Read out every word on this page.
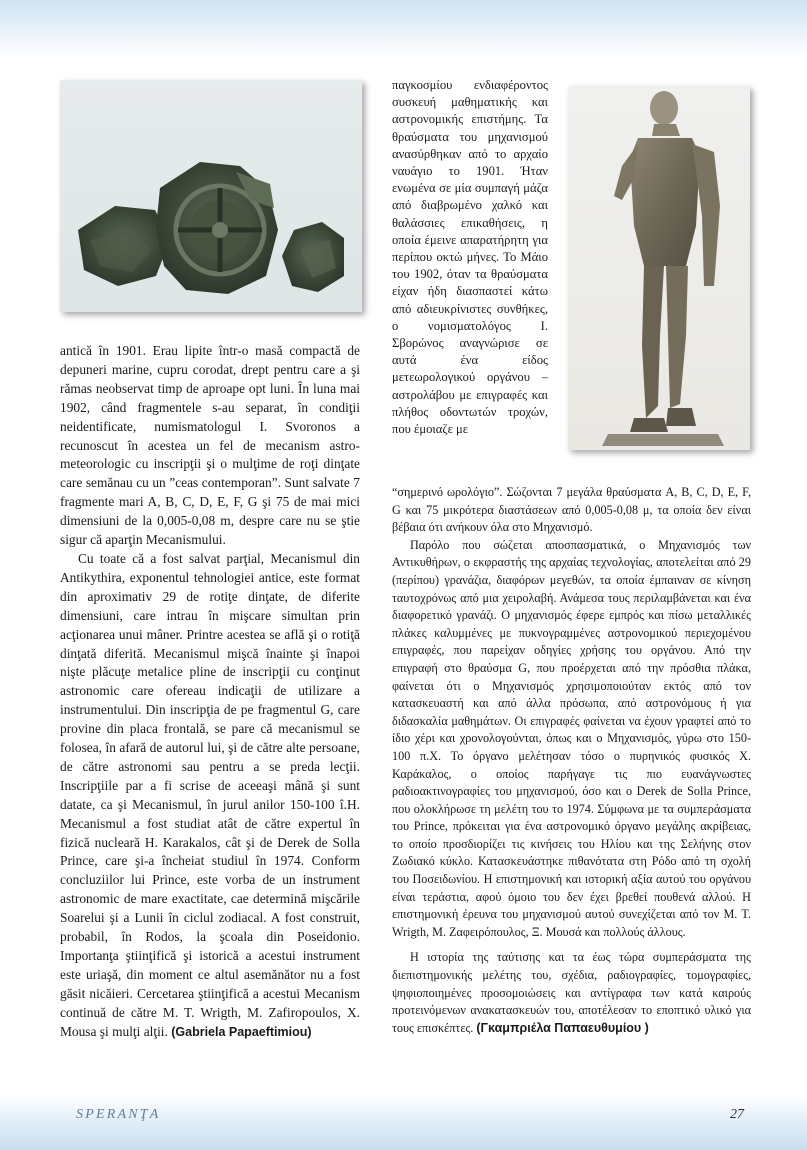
antică în 1901. Erau lipite într-o masă compactă de depuneri marine, cupru corodat, drept pentru care a şi rămas neobservat timp de aproape opt luni. În luna mai 1902, când fragmentele s-au separat, în condiţii neidentificate, numismatologul I. Svoronos a recunoscut în acestea un fel de mecanism astro-meteorologic cu inscripţii şi o mulţime de roţi dinţate care semănau cu un ”ceas contemporan”. Sunt salvate 7 fragmente mari A, B, C, D, E, F, G şi 75 de mai mici dimensiuni de la 0,005-0,08 m, despre care nu se ştie sigur că aparţin Mecanismului.

Cu toate că a fost salvat parţial, Mecanismul din Antikythira, exponentul tehnologiei antice, este format din aproximativ 29 de rotiţe dinţate, de diferite dimensiuni, care intrau în mişcare simultan prin acţionarea unui mâner. Printre acestea se află şi o rotiţă dinţată diferită. Mecanismul mişcă înainte şi înapoi nişte plăcuţe metalice pline de inscripţii cu conţinut astronomic care ofereau indicaţii de utilizare a instrumentului. Din inscripţia de pe fragmentul G, care provine din placa frontală, se pare că mecanismul se folosea, în afară de autorul lui, şi de către alte persoane, de către astronomi sau pentru a se preda lecţii. Inscripţiile par a fi scrise de aceeaşi mână şi sunt datate, ca şi Mecanismul, în jurul anilor 150-100 î.H. Mecanismul a fost studiat atât de către expertul în fizică nucleară H. Karakalos, cât şi de Derek de Solla Prince, care şi-a încheiat studiul în 1974. Conform concluziilor lui Prince, este vorba de un instrument astronomic de mare exactitate, cae determină mişcările Soarelui şi a Lunii în ciclul zodiacal. A fost construit, probabil, în Rodos, la şcoala din Poseidonio. Importanţa ştiinţifică şi istorică a acestui instrument este uriaşă, din moment ce altul asemănător nu a fost găsit nicăieri. Cercetarea ştiinţifică a acestui Mecanism continuă de către M. T. Wrigth, M. Zafiropoulos, X. Mousa şi mulţi alţii. (Gabriela Papaeftimiou)

παγκοσμίου ενδιαφέροντος συσκευή μαθηματικής και αστρονομικής επιστήμης. Τα θραύσματα του μηχανισμού ανασύρθηκαν από το αρχαίο ναυάγιο το 1901. Ήταν ενωμένα σε μία συμπαγή μάζα από διαβρωμένο χαλκό και θαλάσσιες επικαθήσεις, η οποία έμεινε απαρατήρητη για περίπου οκτώ μήνες. Το Μάιο του 1902, όταν τα θραύσματα είχαν ήδη διασπαστεί κάτω από αδιευκρίνιστες συνθήκες, ο νομισματολόγος Ι. Σβορώνος αναγνώρισε σε αυτά ένα είδος μετεωρολογικού οργάνου –αστρολάβου με επιγραφές και πλήθος οδοντωτών τροχών, που έμοιαζε με

“σημερινό ωρολόγιο”. Σώζονται 7 μεγάλα θραύσματα A, B, C, D, E, F, G και 75 μικρότερα διαστάσεων από 0,005-0,08 μ, τα οποία δεν είναι βέβαια ότι ανήκουν όλα στο Μηχανισμό.

Παρόλο που σώζεται αποσπασματικά, ο Μηχανισμός των Αντικυθήρων, ο εκφραστής της αρχαίας τεχνολογίας, αποτελείται από 29 (περίπου) γρανάζια, διαφόρων μεγεθών, τα οποία έμπαιναν σε κίνηση ταυτοχρόνως από μια χειρολαβή. Ανάμεσα τους περιλαμβάνεται και ένα διαφορετικό γρανάζι. Ο μηχανισμός έφερε εμπρός και πίσω μεταλλικές πλάκες καλυμμένες με πυκνογραμμένες αστρονομικού περιεχομένου επιγραφές, που παρείχαν οδηγίες χρήσης του οργάνου. Από την επιγραφή στο θραύσμα G, που προέρχεται από την πρόσθια πλάκα, φαίνεται ότι ο Μηχανισμός χρησιμοποιούταν εκτός από τον κατασκευαστή και από άλλα πρόσωπα, από αστρονόμους ή για διδασκαλία μαθημάτων. Οι επιγραφές φαίνεται να έχουν γραφτεί από το ίδιο χέρι και χρονολογούνται, όπως και ο Μηχανισμός, γύρω στο 150-100 π.Χ. Το όργανο μελέτησαν τόσο ο πυρηνικός φυσικός Χ. Καράκαλος, ο οποίος παρήγαγε τις πιο ευανάγνωστες ραδιοακτινογραφίες του μηχανισμού, όσο και ο Derek de Solla Prince, που ολοκλήρωσε τη μελέτη του το 1974. Σύμφωνα με τα συμπεράσματα του Prince, πρόκειται για ένα αστρονομικό όργανο μεγάλης ακρίβειας, το οποίο προσδιορίζει τις κινήσεις του Ηλίου και της Σελήνης στον Ζωδιακό κύκλο. Κατασκευάστηκε πιθανότατα στη Ρόδο από τη σχολή του Ποσειδωνίου. Η επιστημονική και ιστορική αξία αυτού του οργάνου είναι τεράστια, αφού όμοιο του δεν έχει βρεθεί πουθενά αλλού. Η επιστημονική έρευνα του μηχανισμού αυτού συνεχίζεται από τον M. T. Wrigth, Μ. Ζαφειρόπουλος, Ξ. Μουσά και πολλούς άλλους.

Η ιστορία της ταύτισης και τα έως τώρα συμπεράσματα της διεπιστημονικής μελέτης του, σχέδια, ραδιογραφίες, τομογραφίες, ψηφιοποιημένες προσομοιώσεις και αντίγραφα των κατά καιρούς προτεινόμενων ανακατασκευών του, αποτέλεσαν το εποπτικό υλικό για τους επισκέπτες. (Γκαμπριέλα Παπαευθυμίου )

SPERANŢA	27
